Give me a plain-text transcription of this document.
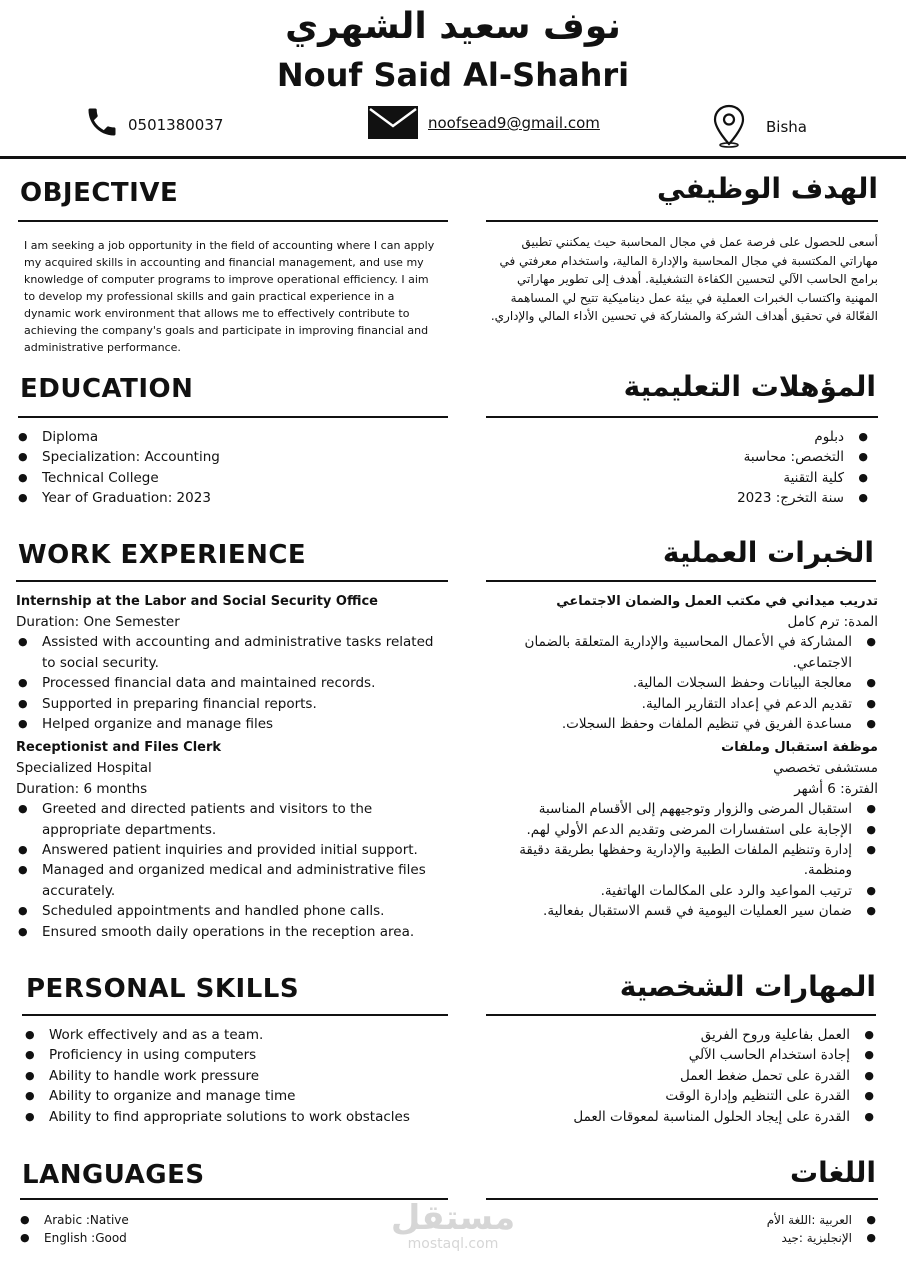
نوف سعيد الشهري
Nouf Said Al-Shahri
0501380037	noofsead9@gmail.com	Bisha
OBJECTIVE	الهدف الوظيفي
I am seeking a job opportunity in the field of accounting where I can apply my acquired skills in accounting and financial management, and use my knowledge of computer programs to improve operational efficiency. I aim to develop my professional skills and gain practical experience in a dynamic work environment that allows me to effectively contribute to achieving the company's goals and participate in improving financial and administrative performance.
أسعى للحصول على فرصة عمل في مجال المحاسبة حيث يمكنني تطبيق مهاراتي المكتسبة في مجال المحاسبة والإدارة المالية، واستخدام معرفتي في برامج الحاسب الآلي لتحسين الكفاءة التشغيلية. أهدف إلى تطوير مهاراتي المهنية واكتساب الخبرات العملية في بيئة عمل ديناميكية تتيح لي المساهمة الفعّالة في تحقيق أهداف الشركة والمشاركة في تحسين الأداء المالي والإداري.
EDUCATION	المؤهلات التعليمية
● Diploma
● Specialization: Accounting
● Technical College
● Year of Graduation: 2023
● دبلوم
● التخصص: محاسبة
● كلية التقنية
● سنة التخرج: 2023
WORK EXPERIENCE	الخبرات العملية
Internship at the Labor and Social Security Office
Duration: One Semester
● Assisted with accounting and administrative tasks related to social security.
● Processed financial data and maintained records.
● Supported in preparing financial reports.
● Helped organize and manage files
Receptionist and Files Clerk
Specialized Hospital
Duration: 6 months
● Greeted and directed patients and visitors to the appropriate departments.
● Answered patient inquiries and provided initial support.
● Managed and organized medical and administrative files accurately.
● Scheduled appointments and handled phone calls.
● Ensured smooth daily operations in the reception area.
تدريب ميداني في مكتب العمل والضمان الاجتماعي
المدة: ترم كامل
● المشاركة في الأعمال المحاسبية والإدارية المتعلقة بالضمان الاجتماعي.
● معالجة البيانات وحفظ السجلات المالية.
● تقديم الدعم في إعداد التقارير المالية.
● مساعدة الفريق في تنظيم الملفات وحفظ السجلات.
موظفة استقبال وملفات
مستشفى تخصصي
الفترة: 6 أشهر
● استقبال المرضى والزوار وتوجيههم إلى الأقسام المناسبة
● الإجابة على استفسارات المرضى وتقديم الدعم الأولي لهم.
● إدارة وتنظيم الملفات الطبية والإدارية وحفظها بطريقة دقيقة ومنظمة.
● ترتيب المواعيد والرد على المكالمات الهاتفية.
● ضمان سير العمليات اليومية في قسم الاستقبال بفعالية.
PERSONAL SKILLS	المهارات الشخصية
● Work effectively and as a team.
● Proficiency in using computers
● Ability to handle work pressure
● Ability to organize and manage time
● Ability to find appropriate solutions to work obstacles
● العمل بفاعلية وروح الفريق
● إجادة استخدام الحاسب الآلي
● القدرة على تحمل ضغط العمل
● القدرة على التنظيم وإدارة الوقت
● القدرة على إيجاد الحلول المناسبة لمعوقات العمل
LANGUAGES	اللغات
● Arabic :Native
● English :Good
● العربية :اللغة الأم
● الإنجليزية :جيد
مستقل
mostaql.com
